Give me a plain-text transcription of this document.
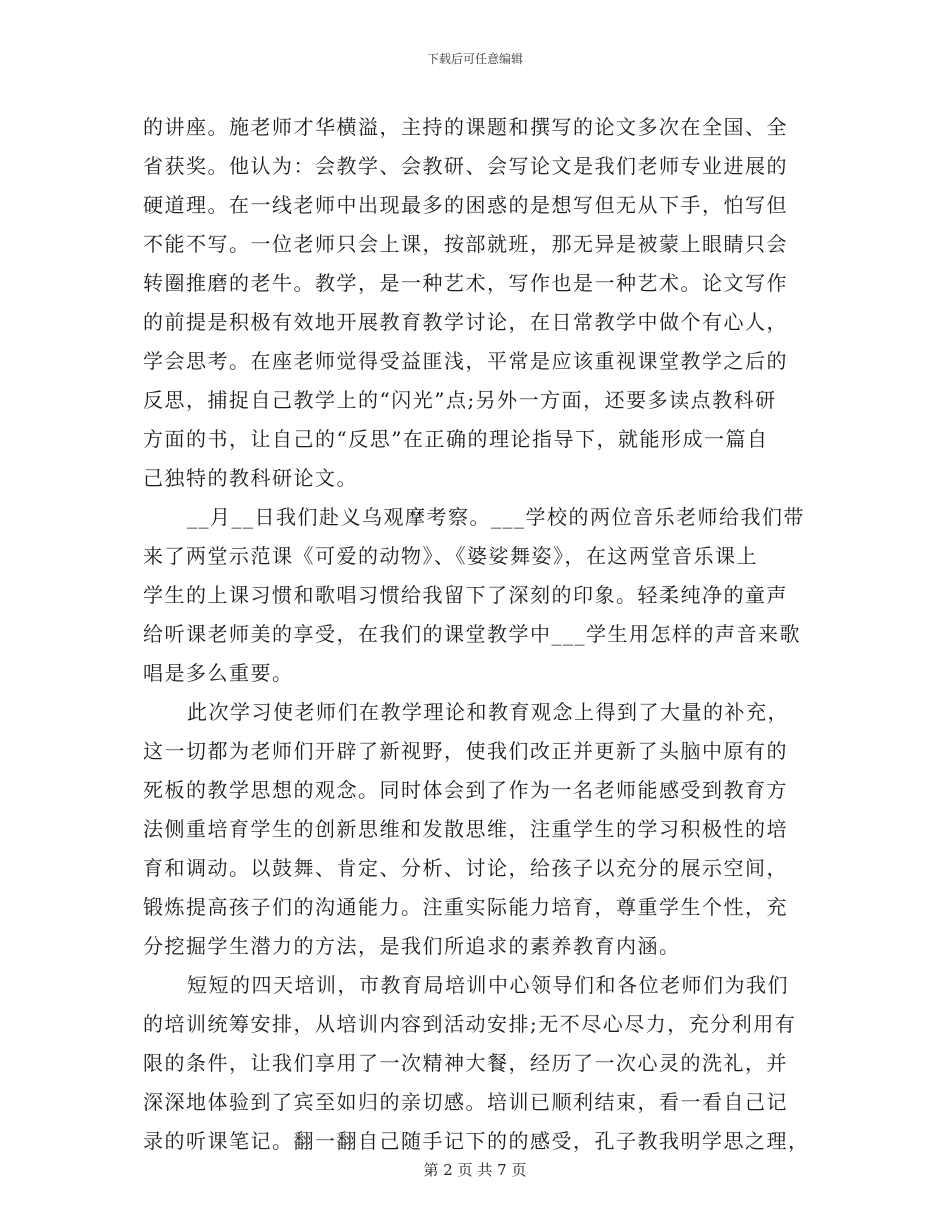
下载后可任意编辑

的讲座。施老师才华横溢，主持的课题和撰写的论文多次在全国、全
省获奖。他认为：会教学、会教研、会写论文是我们老师专业进展的
硬道理。在一线老师中出现最多的困惑的是想写但无从下手，怕写但
不能不写。一位老师只会上课，按部就班，那无异是被蒙上眼睛只会
转圈推磨的老牛。教学，是一种艺术，写作也是一种艺术。论文写作
的前提是积极有效地开展教育教学讨论，在日常教学中做个有心人，
学会思考。在座老师觉得受益匪浅，平常是应该重视课堂教学之后的
反思，捕捉自己教学上的“闪光”点;另外一方面，还要多读点教科研
方面的书，让自己的“反思”在正确的理论指导下，就能形成一篇自
己独特的教科研论文。

__月__日我们赴义乌观摩考察。___学校的两位音乐老师给我们带
来了两堂示范课《可爱的动物》、《婆娑舞姿》，在这两堂音乐课上
学生的上课习惯和歌唱习惯给我留下了深刻的印象。轻柔纯净的童声
给听课老师美的享受，在我们的课堂教学中___学生用怎样的声音来歌
唱是多么重要。

此次学习使老师们在教学理论和教育观念上得到了大量的补充，
这一切都为老师们开辟了新视野，使我们改正并更新了头脑中原有的
死板的教学思想的观念。同时体会到了作为一名老师能感受到教育方
法侧重培育学生的创新思维和发散思维，注重学生的学习积极性的培
育和调动。以鼓舞、肯定、分析、讨论，给孩子以充分的展示空间，
锻炼提高孩子们的沟通能力。注重实际能力培育，尊重学生个性，充
分挖掘学生潜力的方法，是我们所追求的素养教育内涵。

短短的四天培训，市教育局培训中心领导们和各位老师们为我们
的培训统筹安排，从培训内容到活动安排;无不尽心尽力，充分利用有
限的条件，让我们享用了一次精神大餐，经历了一次心灵的洗礼，并
深深地体验到了宾至如归的亲切感。培训已顺利结束，看一看自己记
录的听课笔记。翻一翻自己随手记下的的感受，孔子教我明学思之理，

第 2 页 共 7 页
